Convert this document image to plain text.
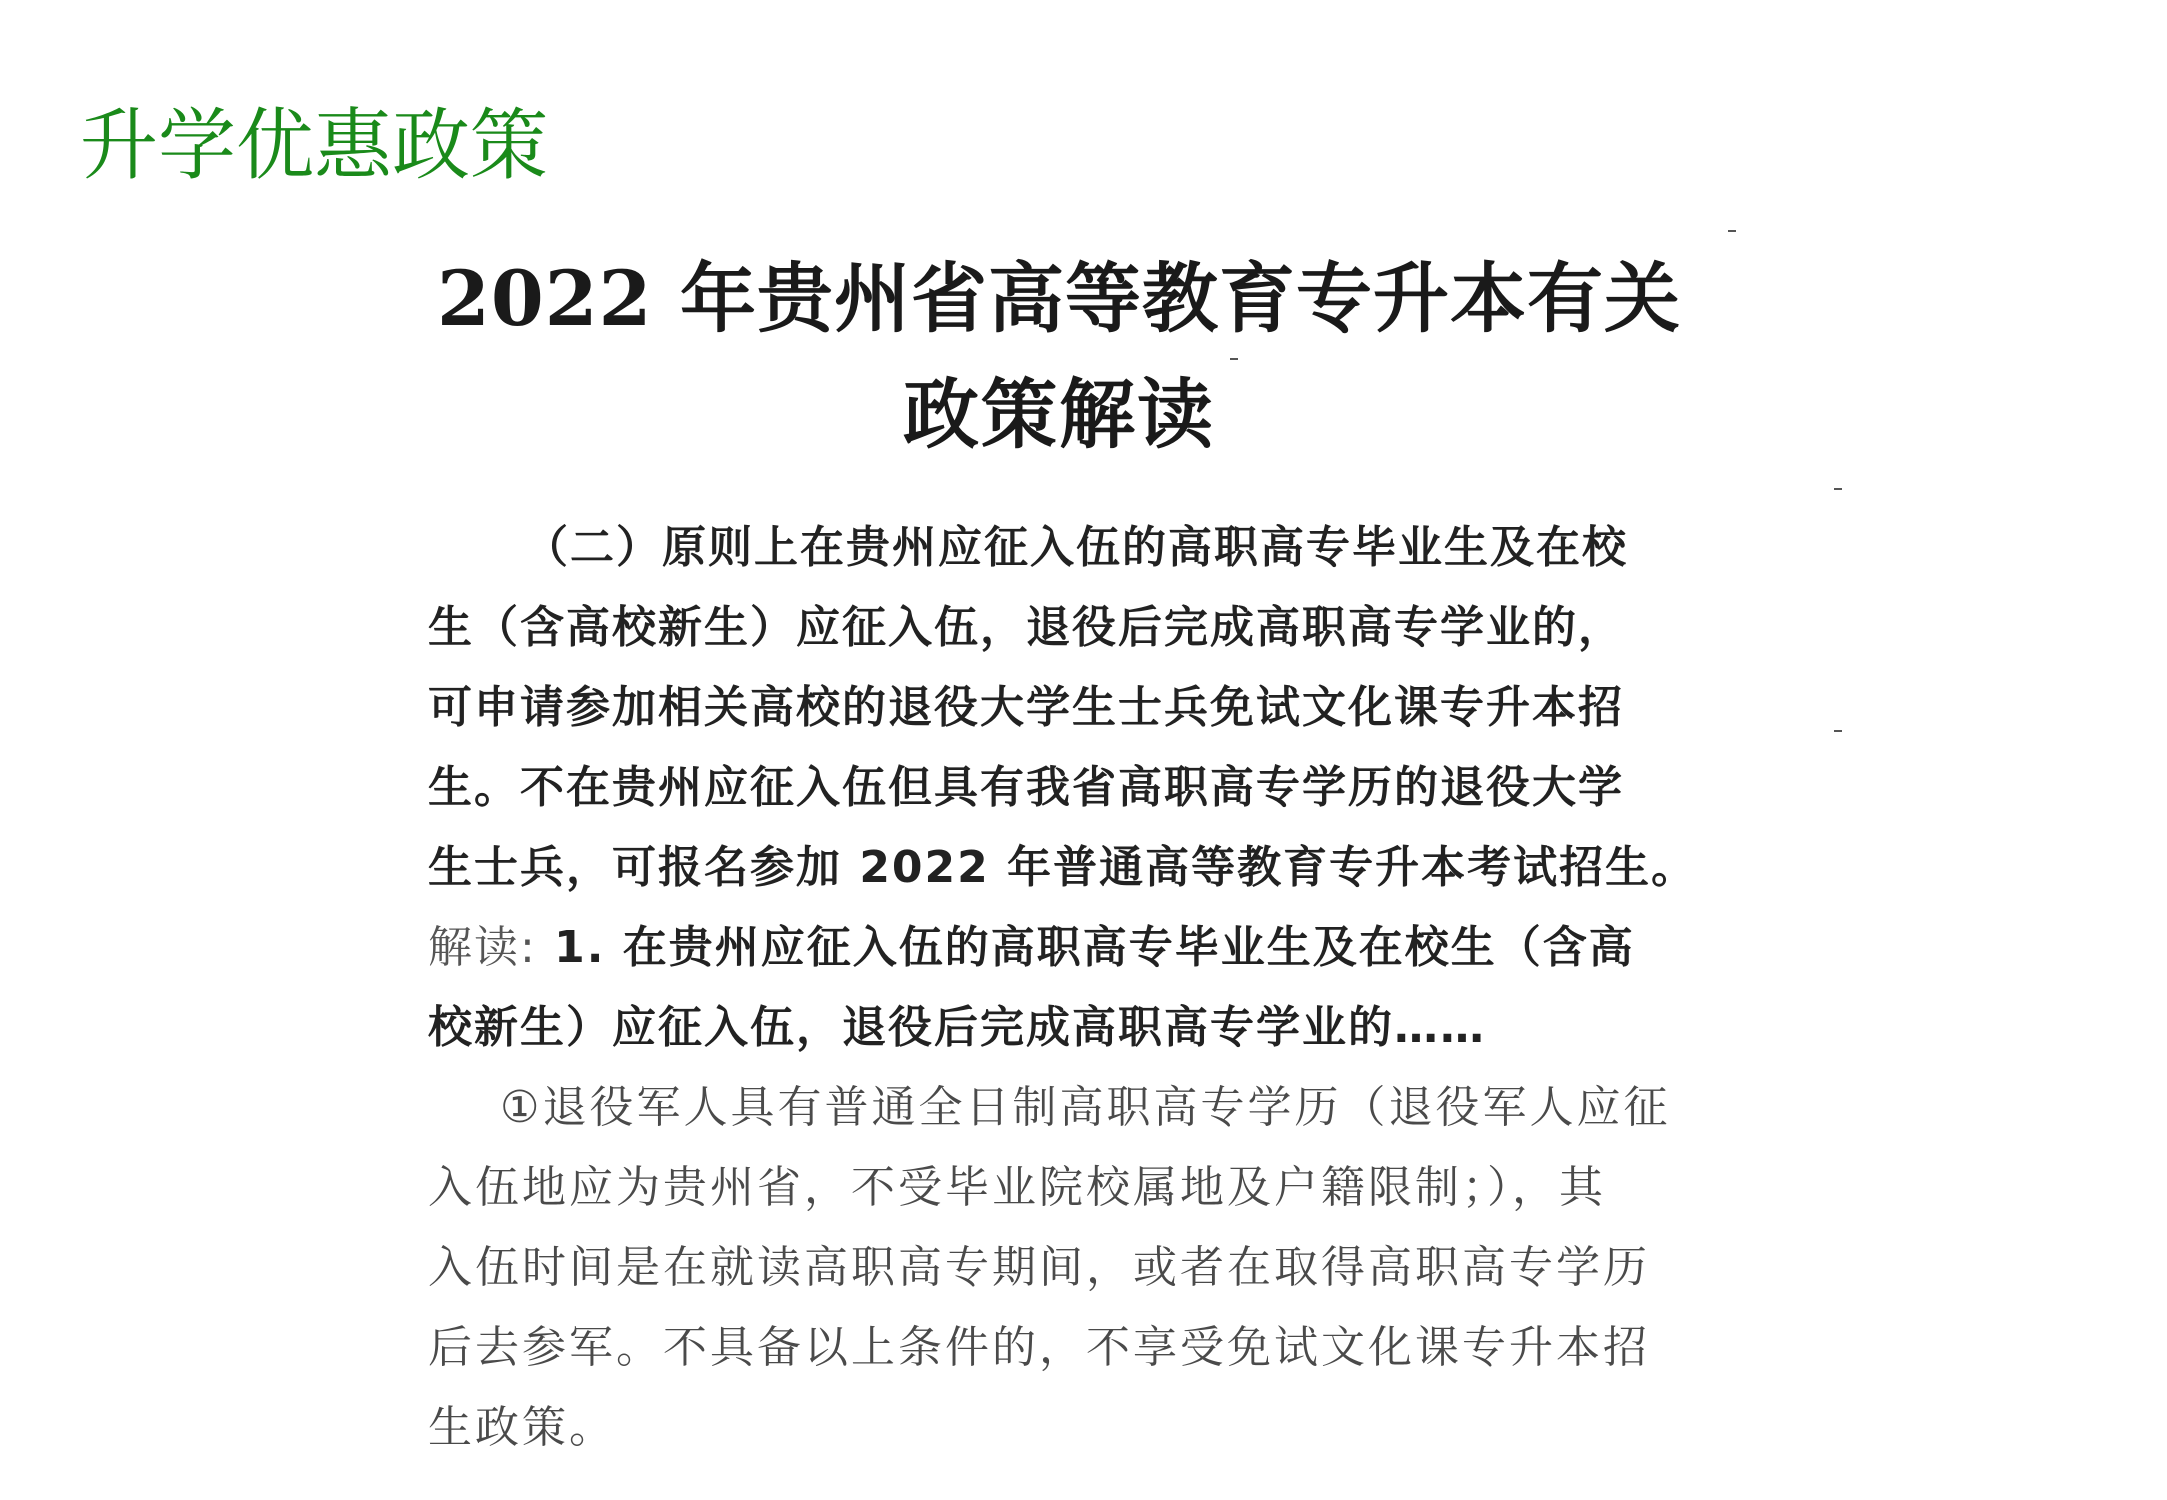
升学优惠政策
2022 年贵州省高等教育专升本有关
政策解读
（二）原则上在贵州应征入伍的高职高专毕业生及在校
生（含高校新生）应征入伍，退役后完成高职高专学业的，
可申请参加相关高校的退役大学生士兵免试文化课专升本招
生。不在贵州应征入伍但具有我省高职高专学历的退役大学
生士兵，可报名参加 2022 年普通高等教育专升本考试招生。
解读: 1. 在贵州应征入伍的高职高专毕业生及在校生（含高
校新生）应征入伍，退役后完成高职高专学业的……
①退役军人具有普通全日制高职高专学历（退役军人应征
入伍地应为贵州省，不受毕业院校属地及户籍限制；），其
入伍时间是在就读高职高专期间，或者在取得高职高专学历
后去参军。不具备以上条件的，不享受免试文化课专升本招
生政策。
